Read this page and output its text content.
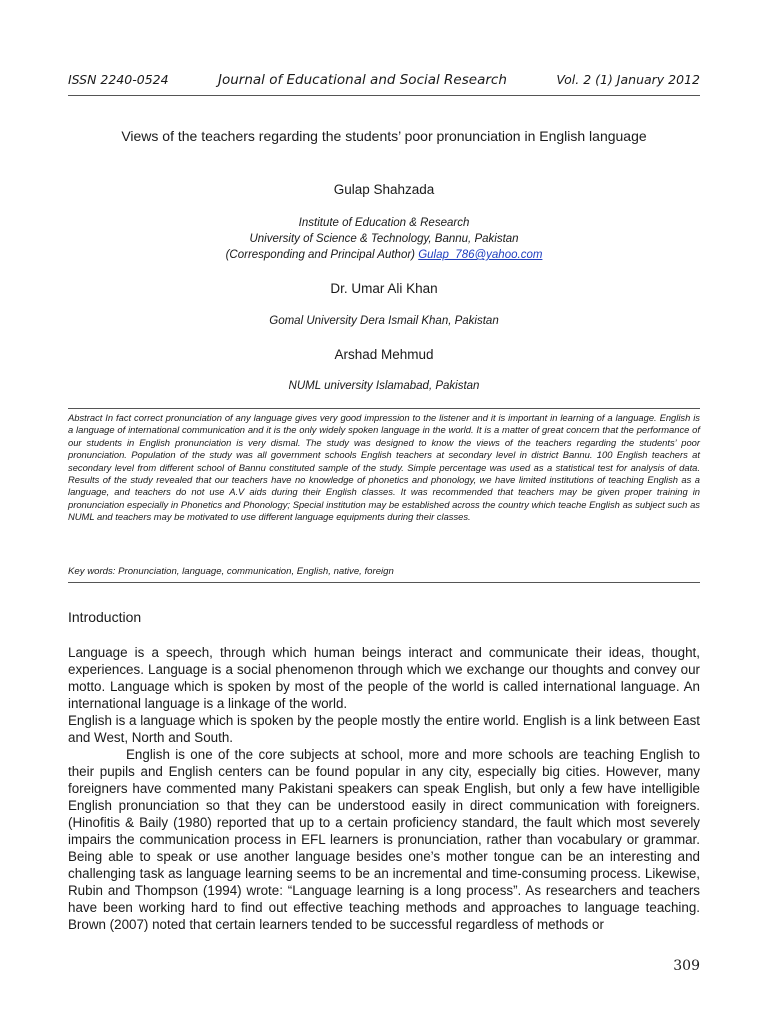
ISSN 2240-0524	Journal of Educational and Social Research	Vol. 2 (1) January 2012
Views of the teachers regarding the students’ poor pronunciation in English language
Gulap Shahzada
Institute of Education & Research
University of Science & Technology, Bannu, Pakistan
(Corresponding and Principal Author) Gulap_786@yahoo.com
Dr. Umar Ali Khan
Gomal University Dera Ismail Khan, Pakistan
Arshad Mehmud
NUML university Islamabad, Pakistan
Abstract In fact correct pronunciation of any language gives very good impression to the listener and it is important in learning of a language. English is a language of international communication and it is the only widely spoken language in the world. It is a matter of great concern that the performance of our students in English pronunciation is very dismal. The study was designed to know the views of the teachers regarding the students’ poor pronunciation. Population of the study was all government schools English teachers at secondary level in district Bannu. 100 English teachers at secondary level from different school of Bannu constituted sample of the study. Simple percentage was used as a statistical test for analysis of data. Results of the study revealed that our teachers have no knowledge of phonetics and phonology, we have limited institutions of teaching English as a language, and teachers do not use A.V aids during their English classes. It was recommended that teachers may be given proper training in pronunciation especially in Phonetics and Phonology; Special institution may be established across the country which teache English as subject such as NUML and teachers may be motivated to use different language equipments during their classes.
Key words: Pronunciation, language, communication, English, native, foreign
Introduction

Language is a speech, through which human beings interact and communicate their ideas, thought, experiences. Language is a social phenomenon through which we exchange our thoughts and convey our motto. Language which is spoken by most of the people of the world is called international language. An international language is a linkage of the world.

English is a language which is spoken by the people mostly the entire world. English is a link between East and West, North and South.

English is one of the core subjects at school, more and more schools are teaching English to their pupils and English centers can be found popular in any city, especially big cities. However, many foreigners have commented many Pakistani speakers can speak English, but only a few have intelligible English pronunciation so that they can be understood easily in direct communication with foreigners. (Hinofitis & Baily (1980) reported that up to a certain proficiency standard, the fault which most severely impairs the communication process in EFL learners is pronunciation, rather than vocabulary or grammar. Being able to speak or use another language besides one’s mother tongue can be an interesting and challenging task as language learning seems to be an incremental and time-consuming process. Likewise, Rubin and Thompson (1994) wrote: “Language learning is a long process”. As researchers and teachers have been working hard to find out effective teaching methods and approaches to language teaching. Brown (2007) noted that certain learners tended to be successful regardless of methods or

309
